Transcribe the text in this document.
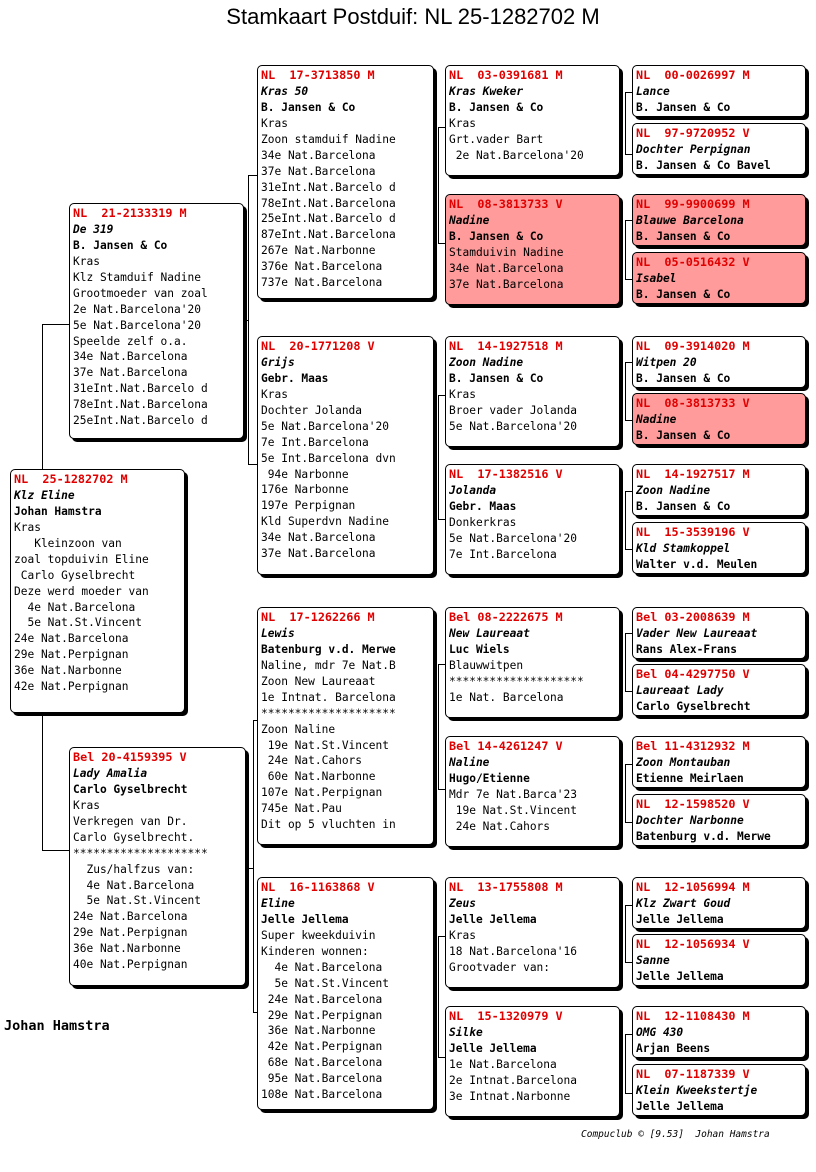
Stamkaart Postduif: NL 25-1282702 M
NL  25-1282702 M
Klz Eline
Johan Hamstra
Kras
Kleinzoon van
zoal topduivin Eline
Carlo Gyselbrecht
Deze werd moeder van
4e Nat.Barcelona
5e Nat.St.Vincent
24e Nat.Barcelona
29e Nat.Perpignan
36e Nat.Narbonne
42e Nat.Perpignan
NL  21-2133319 M
De 319
B. Jansen & Co
Kras
Klz Stamduif Nadine
Grootmoeder van zoal
2e Nat.Barcelona'20
5e Nat.Barcelona'20
Speelde zelf o.a.
34e Nat.Barcelona
37e Nat.Barcelona
31eInt.Nat.Barcelo d
78eInt.Nat.Barcelona
25eInt.Nat.Barcelo d
Bel 20-4159395 V
Lady Amalia
Carlo Gyselbrecht
Kras
Verkregen van Dr.
Carlo Gyselbrecht.
********************
Zus/halfzus van:
4e Nat.Barcelona
5e Nat.St.Vincent
24e Nat.Barcelona
29e Nat.Perpignan
36e Nat.Narbonne
40e Nat.Perpignan
NL  17-3713850 M
Kras 50
B. Jansen & Co
Kras
Zoon stamduif Nadine
34e Nat.Barcelona
37e Nat.Barcelona
31eInt.Nat.Barcelo d
78eInt.Nat.Barcelona
25eInt.Nat.Barcelo d
87eInt.Nat.Barcelona
267e Nat.Narbonne
376e Nat.Barcelona
737e Nat.Barcelona
NL  20-1771208 V
Grijs
Gebr. Maas
Kras
Dochter Jolanda
5e Nat.Barcelona'20
7e Int.Barcelona
5e Int.Barcelona dvn
94e Narbonne
176e Narbonne
197e Perpignan
Kld Superdvn Nadine
34e Nat.Barcelona
37e Nat.Barcelona
NL  17-1262266 M
Lewis
Batenburg v.d. Merwe
Naline, mdr 7e Nat.B
Zoon New Laureaat
1e Intnat. Barcelona
********************
Zoon Naline
19e Nat.St.Vincent
24e Nat.Cahors
60e Nat.Narbonne
107e Nat.Perpignan
745e Nat.Pau
Dit op 5 vluchten in
NL  16-1163868 V
Eline
Jelle Jellema
Super kweekduivin
Kinderen wonnen:
4e Nat.Barcelona
5e Nat.St.Vincent
24e Nat.Barcelona
29e Nat.Perpignan
36e Nat.Narbonne
42e Nat.Perpignan
68e Nat.Barcelona
95e Nat.Barcelona
108e Nat.Barcelona
NL  03-0391681 M
Kras Kweker
B. Jansen & Co
Kras
Grt.vader Bart
2e Nat.Barcelona'20
NL  08-3813733 V
Nadine
B. Jansen & Co
Stamduivin Nadine
34e Nat.Barcelona
37e Nat.Barcelona
NL  14-1927518 M
Zoon Nadine
B. Jansen & Co
Kras
Broer vader Jolanda
5e Nat.Barcelona'20
NL  17-1382516 V
Jolanda
Gebr. Maas
Donkerkras
5e Nat.Barcelona'20
7e Int.Barcelona
Bel 08-2222675 M
New Laureaat
Luc Wiels
Blauwwitpen
********************
1e Nat. Barcelona
Bel 14-4261247 V
Naline
Hugo/Etienne
Mdr 7e Nat.Barca'23
19e Nat.St.Vincent
24e Nat.Cahors
NL  13-1755808 M
Zeus
Jelle Jellema
Kras
18 Nat.Barcelona'16
Grootvader van:
NL  15-1320979 V
Silke
Jelle Jellema
1e Nat.Barcelona
2e Intnat.Barcelona
3e Intnat.Narbonne
NL  00-0026997 M
Lance
B. Jansen & Co
NL  97-9720952 V
Dochter Perpignan
B. Jansen & Co Bavel
NL  99-9900699 M
Blauwe Barcelona
B. Jansen & Co
NL  05-0516432 V
Isabel
B. Jansen & Co
NL  09-3914020 M
Witpen 20
B. Jansen & Co
NL  08-3813733 V
Nadine
B. Jansen & Co
NL  14-1927517 M
Zoon Nadine
B. Jansen & Co
NL  15-3539196 V
Kld Stamkoppel
Walter v.d. Meulen
Bel 03-2008639 M
Vader New Laureaat
Rans Alex-Frans
Bel 04-4297750 V
Laureaat Lady
Carlo Gyselbrecht
Bel 11-4312932 M
Zoon Montauban
Etienne Meirlaen
NL  12-1598520 V
Dochter Narbonne
Batenburg v.d. Merwe
NL  12-1056994 M
Klz Zwart Goud
Jelle Jellema
NL  12-1056934 V
Sanne
Jelle Jellema
NL  12-1108430 M
OMG 430
Arjan Beens
NL  07-1187339 V
Klein Kweekstertje
Jelle Jellema
Johan Hamstra
Compuclub © [9.53]  Johan Hamstra
